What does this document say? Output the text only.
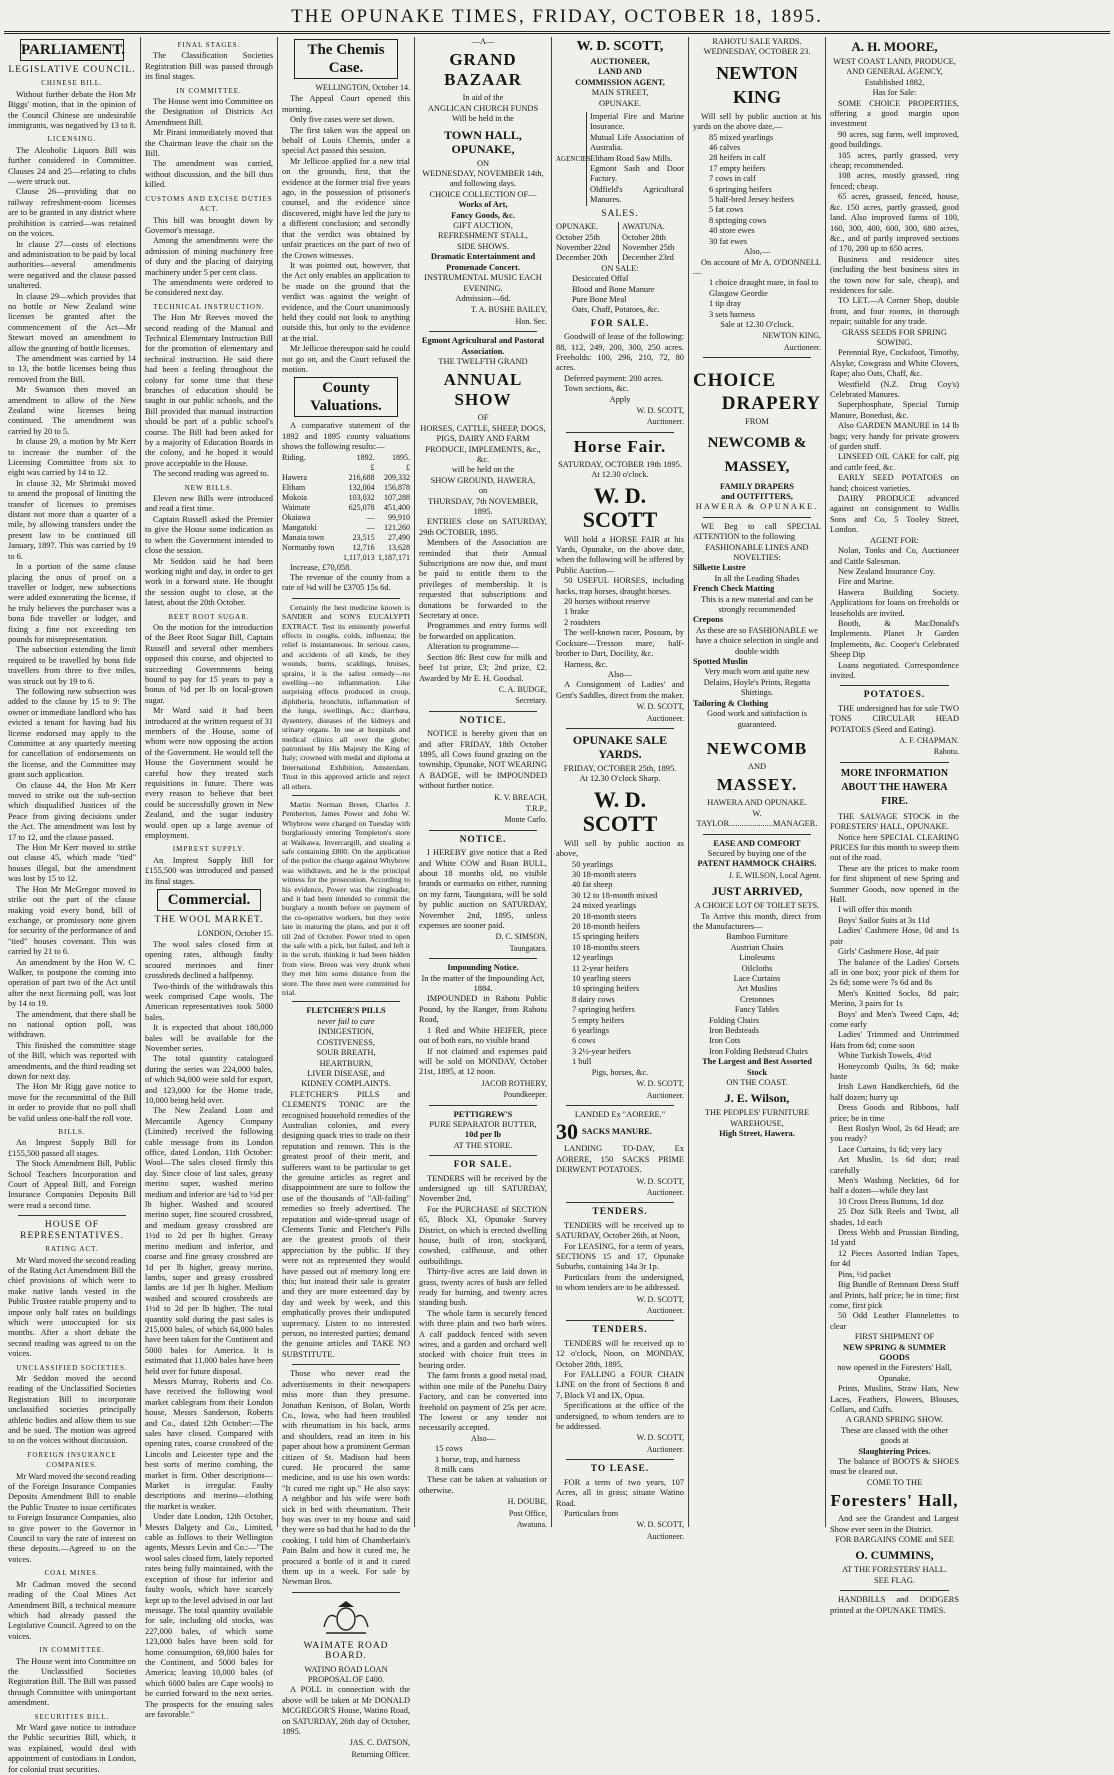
THE OPUNAKE TIMES, FRIDAY, OCTOBER 18, 1895.
PARLIAMENT.
LEGISLATIVE COUNCIL.
CHINESE BILL.

Without further debate the Hon Mr Biggs' motion, that in the opinion of the Council Chinese are undesirable immigrants, was negatived by 13 to 8.

LICENSING.

The Alcoholic Liquors Bill was further considered in Committee. Clauses 24 and 25—relating to clubs —were struck out.

Clause 26—providing that no railway refreshment-room licenses are to be granted in any district where prohibition is carried—was retained on the voices.

In clause 27—costs of elections and administration to be paid by local authorities—several amendments were negatived and the clause passed unaltered.

In clause 29—which provides that no bottle or New Zealand wine licenses be granted after the commencement of the Act—Mr Stewart moved an amendment to allow the granting of bottle licenses.

The amendment was carried by 14 to 13, the bottle licenses being thus removed from the Bill.

Mr Swanson then moved an amendment to allow of the New Zealand wine licenses being continued. The amendment was carried by 20 to 5.

In clause 29, a motion by Mr Kerr to increase the number of the Licensing Committee from six to eight was carried by 14 to 12.

In clause 32, Mr Shrimski moved to amend the proposal of limiting the transfer of licenses to premises distant not more than a quarter of a mile, by allowing transfers under the present law to be continued till January, 1897. This was carried by 19 to 6.

In a portion of the same clause placing the onus of proof on a traveller or lodger, new subsections were added exonerating the license, if he truly believes the purchaser was a bona fide traveller or lodger, and fixing a fine not exceeding ten pounds for misrepresentation.

The subsection extending the limit required to be travelled by bona fide travellers from three to five miles, was struck out by 19 to 6.

The following new subsection was added to the clause by 15 to 9: The owner or immediate landlord who has evicted a tenant for having had his license endorsed may apply to the Committee at any quarterly meeting for cancellation of endorsements on the license, and the Committee may grant such application.

On clause 44, the Hon Mr Kerr moved to strike out the sub-section which disqualified Justices of the Peace from giving decisions under the Act. The amendment was lost by 17 to 12, and the clause passed.

The Hon Mr Kerr moved to strike out clause 45, which made "tied" houses illegal, but the amendment was lost by 15 to 12.

The Hon Mr McGregor moved to strike out the part of the clause making void every bond, bill of exchange, or promissory note given for security of the performance of and "tied" houses covenant. This was carried by 21 to 6.

An amendment by the Hon W. C. Walker, to postpone the coming into operation of part two of the Act until after the next licensing poll, was lost by 14 to 19.

The amendment, that there shall be no national option poll, was withdrawn.

This finished the committee stage of the Bill, which was reported with amendments, and the third reading set down for next day.

The Hon Mr Rigg gave notice to move for the recommittal of the Bill in order to provide that no poll shall be valid unless one-half the roll vote.

BILLS.

An Imprest Supply Bill for £155,500 passed all stages.

The Stock Amendment Bill, Public School Teachers Incorporation and Court of Appeal Bill, and Foreign Insurance Companies Deposits Bill were read a second time.

HOUSE OF REPRESENTATIVES.
RATING ACT.

Mr Ward moved the second reading of the Rating Act Amendment Bill the chief provisions of which were to make native lands vested in the Public Trustee ratable property and to impose only half rates on buildings which were unoccupied for six months. After a short debate the second reading was agreed to on the voices.

UNCLASSIFIED SOCIETIES.

Mr Seddon moved the second reading of the Unclassified Societies Registration Bill to incorporate unclassified societies principally athletic bodies and allow them to sue and be sued. The motion was agreed to on the voices without discussion.

FOREIGN INSURANCE COMPANIES.

Mr Ward moved the second reading of the Foreign Insurance Companies Deposits Amendment Bill to enable the Public Trustee to issue certificates to Foreign Insurance Companies, also to give power to the Governor in Council to vary the rate of interest on these deposits.—Agreed to on the voices.

COAL MINES.

Mr Cadman moved the second reading of the Coal Mines Act Amendment Bill, a technical measure which had already passed the Legislative Council. Agreed to on the voices.

IN COMMITTEE.

The House went into Committee on the Unclassified Societies Registration Bill. The Bill was passed through Committee with unimportant amendment.

SECURITIES BILL.

Mr Ward gave notice to introduce the Public securities Bill, which, it was explained, would deal with appointment of custodians in London, for colonial trust securities.

FINAL STAGES.

The Classification Societies Registration Bill was passed through its final stages.

IN COMMITTEE.

The House went into Committee on the Designation of Districts Act Amendment Bill.

Mr Pirani immediately moved that the Chairman leave the chair on the Bill.

The amendment was carried, without discussion, and the bill thus killed.

CUSTOMS AND EXCISE DUTIES ACT.

This bill was brought down by Governor's message.

Among the amendments were the admission of mining machinery free of duty and the placing of dairying machinery under 5 per cent class.

The amendments were ordered to be considered next day.

TECHNICAL INSTRUCTION.

The Hon Mr Reeves moved the second reading of the Manual and Technical Elementary Instruction Bill for the promotion of elementary and technical instruction. He said there had been a feeling throughout the colony for some time that these branches of education should be taught in our public schools, and the Bill provided that manual instruction should be part of a public school's course. The Bill had been asked for by a majority of Education Boards in the colony, and he hoped it would prove acceptable to the House.

The second reading was agreed to.

NEW BILLS.

Eleven new Bills were introduced and read a first time.

Captain Russell asked the Premier to give the House some indication as to when the Government intended to close the session.

Mr Seddon said he had been working night and day, in order to get work in a forward state. He thought the session ought to close, at the latest, about the 20th October.

BEET ROOT SUGAR.

On the motion for the introduction of the Beet Root Sugar Bill, Captain Russell and several other members opposed this course, and objected to succeeding Governments being bound to pay for 15 years to pay a bonus of ½d per lb on local-grown sugar.

Mr Ward said it had been introduced at the written request of 31 members of the House, some of whom were now opposing the action of the Government. He would tell the House the Government would be careful how they treated such requisitions in future. There was every reason to believe that beet could be successfully grown in New Zealand, and the sugar industry would open up a large avenue of employment.

IMPREST SUPPLY.

An Imprest Supply Bill for £155,500 was introduced and passed its final stages.

Commercial.
THE WOOL MARKET.
LONDON, October 15.

The wool sales closed firm at opening rates, although faulty scoured merinoes and finer crossbreds declined a halfpenny.

Two-thirds of the withdrawals this week comprised Cape wools. The American representatives took 5000 bales.

It is expected that about 180,000 bales will be available for the November series.

The total quantity catalogued during the series was 224,000 bales, of which 94,000 were sold for export, and 123,000 for the Home trade, 10,000 being held over.

The New Zealand Loan and Mercantile Agency Company (Limited) received the following cable message from its London office, dated London, 11th October: Wool—The sales closed firmly this day. Since close of last sales, greasy merino super, washed merino medium and inferior are ¼d to ½d per lb higher. Washed and scoured merino super, fine scoured crossbred, and medium greasy crossbred are 1½d to 2d per lb higher. Greasy merino medium and inferior, and coarse and fine greasy crossbred are 1d per lb higher, greasy merino, lambs, super and greasy crossbred lambs are 1d per lb higher. Medium washed and scoured crossbreds are 1½d to 2d per lb higher. The total quantity sold during the past sales is 215,000 bales, of which 64,000 bales have been taken for the Continent and 5000 bales for America. It is estimated that 11,000 bales have been held over for future disposal.

Messrs Murray, Roberts and Co. have received the following wool market cablegram from their London house, Messrs Sanderson, Roberts and Co., dated 12th October:—The sales have closed. Compared with opening rates, coarse crossbred of the Lincoln and Leicester type and the best sorts of merino combing, the market is firm. Other descriptions—Market is irregular. Faulty descriptions and merino—clothing the market is weaker.

Under date London, 12th October, Messrs Dalgety and Co., Limited, cable as follows to their Wellington agents, Messrs Levin and Co.:—"The wool sales closed firm, lately reported rates being fully maintained, with the exception of those for inferior and faulty wools, which have scarcely kept up to the level advised in our last message. The total quantity available for sale, including old stocks, was 227,000 bales, of which some 123,000 bales have been sold for home consumption, 69,000 bales for the Continent, and 5000 bales for America; leaving 10,000 bales (of which 6000 bales are Cape wools) to be carried forward to the next series. The prospects for the ensuing sales are favorable."

The Chemis Case.
WELLINGTON, October 14.

The Appeal Court opened this morning.

Only five cases were set down.

The first taken was the appeal on behalf of Louis Chemis, under a special Act passed this session.

Mr Jellicoe applied for a new trial on the grounds, first, that the evidence at the former trial five years ago, in the possession of prisoner's counsel, and the evidence since discovered, might have led the jury to a different conclusion; and secondly that the verdict was obtained by unfair practices on the part of two of the Crown witnesses.

It was pointed out, however, that the Act only enables an application to be made on the ground that the verdict was against the weight of evidence, and the Court unanimously held they could not look to anything outside this, but only to the evidence at the trial.

Mr Jellicoe thereupon said he could not go on, and the Court refused the motion.

County Valuations.

A comparative statement of the 1892 and 1895 county valuations shows the following results:—

Riding.	1892.	1895.
	£	£
Hawera	216,688	209,332
Eltham	132,004	156,878
Mokoia	103,032	107,288
Waimate	625,078	451,400
Okaiawa	—	99,910
Mangatoki	—	121,260
Manaia town	23,515	27,490
Normanby town	12,716	13,628
	1,117,013	1,187,171

Increase, £70,058.

The revenue of the county from a rate of ⅜d will be £3705 15s 6d.

Certainly the best medicine known is SANDER and SON'S EUCALYPTI EXTRACT. Test its eminently powerful effects in coughs, colds, influenza; the relief is instantaneous. In serious cases, and accidents of all kinds, be they wounds, burns, scaldings, bruises, sprains, it is the safest remedy—no swelling—no inflammation. Like surprising effects produced in croup, diphtheria, bronchitis, inflammation of the lungs, swellings, &c.; diarrhœa, dysentery, diseases of the kidneys and urinary organs. In use at hospitals and medical clinics all over the globe; patronised by His Majesty the King of Italy; crowned with medal and diploma at International Exhibition, Amsterdam. Trust in this approved article and reject all others.

Martin Norman Breen, Charles J. Pemberton, James Power and John W. Whybrow were charged on Tuesday with burglariously entering Templeton's store at Waikawa, Invercargill, and stealing a safe containing £800. On the application of the police the charge against Whybrow was withdrawn, and he is the principal witness for the prosecution. According to his evidence, Power was the ringleader, and it had been intended to commit the burglary a month before on payment of the co-operative workers, but they were late in maturing the plans, and put it off till 2nd of October. Power tried to open the safe with a pick, but failed, and left it in the scrub, thinking it had been hidden from view. Breen was very drunk when they met him some distance from the store. The three men were committed for trial.

FLETCHER'S PILLS
never fail to cure
INDIGESTION,
COSTIVENESS,
SOUR BREATH,
HEARTBURN,
LIVER DISEASE, and
KIDNEY COMPLAINTS.

FLETCHER'S PILLS and CLEMENTS TONIC are the recognised household remedies of the Australian colonies, and every designing quack tries to trade on their reputation and renown. This is the greatest proof of their merit, and sufferers want to be particular to get the genuine articles as regret and disappointment are sure to follow the use of the thousands of "All-failing" remedies so freely advertised. The reputation and wide-spread usage of Clements Tonic and Fletcher's Pills are the greatest proofs of their appreciation by the public. If they were not as represented they would have passed out of memory long ere this; but instead their sale is greater and they are more esteemed day by day and week by week, and this emphatically proves their undisputed supremacy. Listen to no interested person, no interested parties; demand the genuine articles and TAKE NO SUBSTITUTE.

Those who never read the advertisements in their newspapers miss more than they presume. Jonathan Kenison, of Bolan, Worth Co., Iowa, who had been troubled with rheumatism in his back, arms and shoulders, read an item in his paper about how a prominent German citizen of St. Madison had been cured. He procured the same medicine, and to use his own words: "It cured me right up." He also says: A neighbor and his wife were both sick in bed with rheumatism. Their boy was over to my house and said they were so bad that he had to do the cooking. I told him of Chamberlain's Pain Balm and how it cured me, he procured a bottle of it and it cured them up in a week. For sale by Newman Bros.

WAIMATE ROAD BOARD.
WATINO ROAD LOAN PROPOSAL OF £400.

A POLL in connection with the above will be taken at Mr DONALD MCGREGOR'S House, Watino Road, on SATURDAY, 26th day of October, 1895.

JAS. C. DATSON,
Returning Officer.
—A—
GRAND BAZAAR
In aid of the
ANGLICAN CHURCH FUNDS
Will be held in the
TOWN HALL, OPUNAKE,
ON
WEDNESDAY, NOVEMBER 14th, and following days.
CHOICE COLLECTION OF—
Works of Art,
Fancy Goods, &c.
GIFT AUCTION,
REFRESHMENT STALL,
SIDE SHOWS.
Dramatic Entertainment and Promenade Concert.
INSTRUMENTAL MUSIC EACH EVENING.
Admission—6d.
T. A. BUSHE BAILEY,
Hon. Sec.
Egmont Agricultural and Pastoral Association.
THE TWELFTH GRAND
ANNUAL SHOW
OF
HORSES, CATTLE, SHEEP, DOGS, PIGS, DAIRY AND FARM PRODUCE, IMPLEMENTS, &c., &c.
will be held on the
SHOW GROUND, HAWERA,
on
THURSDAY, 7th NOVEMBER, 1895.

ENTRIES close on SATURDAY, 29th OCTOBER, 1895.

Members of the Association are reminded that their Annual Subscriptions are now due, and must be paid to entitle them to the privileges of membership. It is requested that subscriptions and donations be forwarded to the Secretary at once.

Programmes and entry forms will be forwarded on application.

Alteration to programme—

Section 86: Best cow for milk and beef 1st prize, £3; 2nd prize, £2. Awarded by Mr E. H. Goodsal.

C. A. BUDGE,
Secretary.
NOTICE.

NOTICE is hereby given that on and after FRIDAY, 18th October 1895, all Cows found grazing on the township, Opunake, NOT WEARING A BADGE, will be IMPOUNDED without further notice.

K. V. BREACH,
T.R.P.,
Monte Carlo.
NOTICE.

I HEREBY give notice that a Red and White COW and Roan BULL, about 18 months old, no visible brands or earmarks on either, running on my farm, Taungatara, will be sold by public auction on SATURDAY, November 2nd, 1895, unless expenses are sooner paid.

D. C. SIMSON,
Taungatara.
Impounding Notice.
In the matter of the Impounding Act, 1884.

IMPOUNDED in Rahotu Public Pound, by the Ranger, from Rahotu Road,

1 Red and White HEIFER, piece out of both ears, no visible brand

If not claimed and expenses paid will be sold on MONDAY, October 21st, 1895, at 12 noon.

JACOB ROTHERY,
Poundkeeper.
PETTIGREW'S
PURE SEPARATOR BUTTER,
10d per lb
AT THE STORE.
FOR SALE.

TENDERS will be received by the undersigned up till SATURDAY, November 2nd,

For the PURCHASE of SECTION 65, Block XI, Opunake Survey District, on which is erected dwelling house, built of iron, stockyard, cowshed, calfhouse, and other outbuildings.

Thirty-five acres are laid down in grass, twenty acres of bush are felled ready for burning, and twenty acres standing bush.

The whole farm is securely fenced with three plain and two barb wires. A calf paddock fenced with seven wires, and a garden and orchard well stocked with choice fruit trees in bearing order.

The farm fronts a good metal road, within one mile of the Punehu Dairy Factory, and can be converted into freehold on payment of 25s per acre. The lowest or any tender not necessarily accepted.

Also—
15 cows
1 horse, trap, and harness
8 milk cans

These can be taken at valuation or otherwise.

H. DOUBE,
Post Office,
Awatuna.
W. D. SCOTT,
AUCTIONEER,
LAND AND
COMMISSION AGENT,
MAIN STREET,
OPUNAKE.
AGENCIES
Imperial Fire and Marine Insurance.
Mutual Life Association of Australia.
Eltham Road Saw Mills.
Egmont Sash and Door Factory.
Oldfield's Agricultural Manures.
SALES.
OPUNAKE.
October 25th
November 22nd
December 20th
AWATUNA.
October 28th
November 25th
December 23rd
ON SALE:
Desiccated Offal
Blood and Bone Manure
Pure Bone Meal
Oats, Chaff, Potatoes, &c.
FOR SALE.

Goodwill of lease of the following: 88, 112, 249, 200, 300, 250 acres. Freeholds: 100, 296, 210, 72, 80 acres.

Deferred payment: 200 acres.

Town sections, &c.

Apply
W. D. SCOTT,
Auctioneer.
Horse Fair.
SATURDAY, OCTOBER 19th 1895.
At 12.30 o'clock.
W. D. SCOTT

Will hold a HORSE FAIR at his Yards, Opunake, on the above date, when the following will be offered by Public Auction—

50 USEFUL HORSES, including hacks, trap horses, draught horses.

20 horses without reserve

1 brake

2 roadsters

The well-known racer, Possum, by Cocksure—Tresson mare, half-brother to Dart, Docility, &c.

Harness, &c.

Also—

A Consignment of Ladies' and Gent's Saddles, direct from the maker.

W. D. SCOTT,
Auctioneer.
OPUNAKE SALE YARDS.
FRIDAY, OCTOBER 25th, 1895.
At 12.30 O'clock Sharp.
W. D. SCOTT

Will sell by public auction as above,

50 yearlings
30 18-month steers
40 fat sheep
30 12 to 18-month mixed
24 mixed yearlings
20 18-month steers
20 18-month heifers
15 springing heifers
10 18-months steers
12 yearlings
11 2-year heifers
10 yearling steers
10 springing heifers
8 dairy cows
7 springing heifers
5 empty heifers
6 yearlings
6 cows
3 2½-year heifers
1 bull
Pigs, horses, &c.
W. D. SCOTT,
Auctioneer.
LANDED Ex "AORERE."
30 SACKS MANURE.

LANDING TO-DAY, Ex AORERE, 150 SACKS PRIME DERWENT POTATOES.

W. D. SCOTT,
Auctioneer.
TENDERS.

TENDERS will be received up to SATURDAY, October 26th, at Noon,

For LEASING, for a term of years, SECTIONS 15 and 17, Opunake Suburbs, containing 14a 3r 1p.

Particulars from the undersigned, to whom tenders are to be addressed.

W. D. SCOTT,
Auctioneer.
TENDERS.

TENDERS will be received up to 12 o'clock, Noon, on MONDAY, October 28th, 1895,

For FALLING a FOUR CHAIN LINE on the front of Sections 8 and 7, Block VI and IX, Opua.

Specifications at the office of the undersigned, to whom tenders are to be addressed.

W. D. SCOTT,
Auctioneer.
TO LEASE.

FOR a term of two years, 107 Acres, all in grass; situate Watino Road.

Particulars from

W. D. SCOTT,
Auctioneer.
RAHOTU SALE YARDS.
WEDNESDAY, OCTOBER 23.
NEWTON KING

Will sell by public auction at his yards on the above date,—

85 mixed yearlings
46 calves
28 heifers in calf
17 empty heifers
7 cows in calf
6 springing heifers
5 half-bred Jersey heifers
5 fat cows
8 springing cows
40 store ewes
30 fat ewes
Also,—

On account of Mr A. O'DONNELL—

1 choice draught mare, in foal to Glasgow Geordie
1 tip dray
3 sets harness
Sale at 12.30 O'clock.
NEWTON KING,
Auctioneer.
CHOICE
DRAPERY
FROM
NEWCOMB & MASSEY,
FAMILY DRAPERS
and OUTFITTERS,
HAWERA & OPUNAKE.

WE Beg to call SPECIAL ATTENTION to the following

FASHIONABLE LINES AND NOVELTIES:
Silkette Lustre
In all the Leading Shades
French Check Matting
This is a new material and can be strongly recommended
Crepons
As these are so FASHIONABLE we have a choice selection in single and double width
Spotted Muslin
Very much worn and quite new
Delains, Hoyle's Prints, Regatta Shirtings.
Tailoring & Clothing
Good work and satisfaction is guaranteed.
NEWCOMB
AND
MASSEY.
HAWERA AND OPUNAKE.
W. TAYLOR.....................MANAGER.
EASE AND COMFORT
Secured by buying one of the
PATENT HAMMOCK CHAIRS.
J. E. WILSON, Local Agent.
JUST ARRIVED,
A CHOICE LOT OF TOILET SETS.

To Arrive this month, direct from the Manufacturers—

Bamboo Furniture
Austrian Chairs
Linoleums
Oilcloths
Lace Curtains
Art Muslins
Cretonnes
Fancy Tables
Folding Chairs
Iron Bedsteads
Iron Cots
Iron Folding Bedstead Chairs
The Largest and Best Assorted Stock
ON THE COAST.
J. E. Wilson,
THE PEOPLES' FURNITURE WAREHOUSE,
High Street, Hawera.
A. H. MOORE,
WEST COAST LAND, PRODUCE, AND GENERAL AGENCY,
Established 1882,
Has for Sale:

SOME CHOICE PROPERTIES, offering a good margin upon investment

90 acres, sug farm, well improved, good buildings.

105 acres, partly grassed, very cheap; recommended.

108 acres, mostly grassed, ring fenced; cheap.

65 acres, grassed, fenced, house, &c. 150 acres, partly grassed, good land. Also improved farms of 100, 160, 300, 400, 600, 300, 680 acres, &c., and of partly improved sections of 170, 200 up to 650 acres.

Business and residence sites (including the best business sites in the town now for sale, cheap), and residences for sale.

TO LET.—A Corner Shop, double front, and four rooms, in thorough repair; suitable for any trade.

GRASS SEEDS FOR SPRING SOWING.

Perennial Rye, Cocksfoot, Timothy, Alsyke, Cowgrass and White Clovers, Rape; also Oats, Chaff, &c.

Westfield (N.Z. Drug Coy's) Celebrated Manures.

Superphosphate, Special Turnip Manure, Bonedust, &c.

Also GARDEN MANURE in 14 lb bags; very handy for private growers of garden stuff.

LINSEED OIL CAKE for calf, pig and cattle feed, &c.

EARLY SEED POTATOES on hand; choicest varieties.

DAIRY PRODUCE advanced against on consignment to Wallis Sons and Co, 5 Tooley Street, London.

AGENT FOR:

Nolan, Tonks and Co, Auctioneer and Cattle Salesman.

New Zealand Insurance Coy.

Fire and Marine.

Hawera Building Society. Applications for loans on freeholds or leaseholds are invited.

Booth, & MacDonald's Implements. Planet Jr Garden Implements, &c. Cooper's Celebrated Sheep Dip

Loans negotiated. Correspondence invited.

POTATOES.

THE undersigned has for sale TWO TONS CIRCULAR HEAD POTATOES (Seed and Eating).

A. F. CHAPMAN.
Rahotu.
MORE INFORMATION ABOUT THE HAWERA FIRE.

THE SALVAGE STOCK in the FORESTERS' HALL, OPUNAKE.

Notice here SPECIAL CLEARING PRICES for this month to sweep them out of the road.

These are the prices to make room for first shipment of new Spring and Summer Goods, now opened in the Hall.

I will offer this month

Boys' Sailor Suits at 3s 11d
Ladies' Cashmere Hose, 0d and 1s pair
Girls' Cashmere Hose, 4d pair
The balance of the Ladies' Corsets all in one box; your pick of them for 2s 6d; some were 7s 6d and 8s
Men's Knitted Socks, 8d pair; Merino, 3 pairs for 1s
Boys' and Men's Tweed Caps, 4d; come early
Ladies' Trimmed and Untrimmed Hats from 6d; come soon
White Turkish Towels, 4½d
Honeycomb Quilts, 3s 6d; make haste
Irish Lawn Handkerchiefs, 6d the half dozen; hurry up
Dress Goods and Ribbons, half price; be in time
Best Roslyn Wool, 2s 6d Head; are you ready?
Lace Curtains, 1s 6d; very lacy
Art Muslin, 1s 6d doz; read carefully
Men's Washing Neckties, 6d for half a dozen—while they last
10 Cross Dress Buttons, 1d doz
25 Doz Silk Reels and Twist, all shades, 1d each
Dress Webb and Prussian Binding, 1d yard
12 Pieces Assorted Indian Tapes, for 4d
Pins, ½d packet
Big Bundle of Remnant Dress Stuff and Prints, half price; be in time; first come, first pick
50 Odd Leather Flannelettes to clear
FIRST SHIPMENT OF
NEW SPRING & SUMMER GOODS
now opened in the Foresters' Hall, Opunake.

Prints, Muslins, Straw Hats, New Laces, Feathers, Flowers, Blouses, Collars, and Cuffs.

A GRAND SPRING SHOW.
These are classed with the other goods at
Slaughtering Prices.

The balance of BOOTS & SHOES must be cleared out.

COME TO THE
Foresters' Hall,

And see the Grandest and Largest Show ever seen in the District.

FOR BARGAINS COME and SEE
O. CUMMINS,
AT THE FORESTERS' HALL.
SEE FLAG.

HANDBILLS and DODGERS printed at the OPUNAKE TIMES.
